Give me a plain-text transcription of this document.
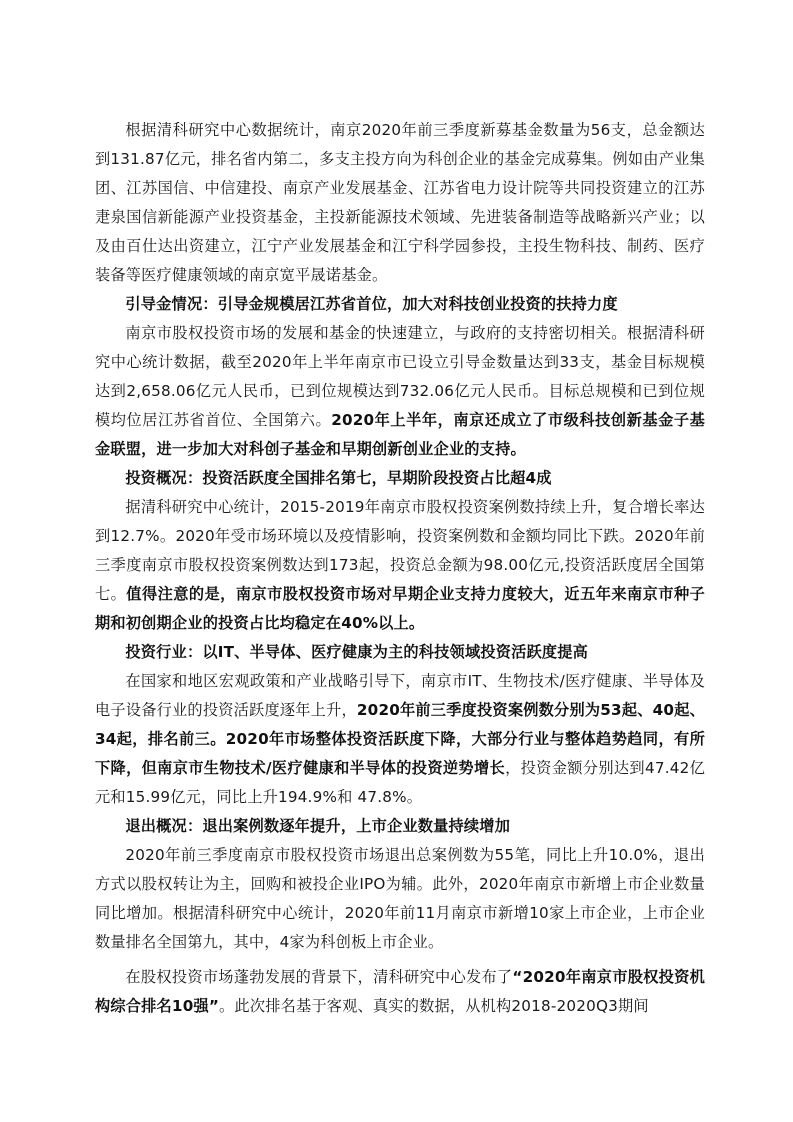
根据清科研究中心数据统计，南京2020年前三季度新募基金数量为56支，总金额达到131.87亿元，排名省内第二，多支主投方向为科创企业的基金完成募集。例如由产业集团、江苏国信、中信建投、南京产业发展基金、江苏省电力设计院等共同投资建立的江苏疌泉国信新能源产业投资基金，主投新能源技术领域、先进装备制造等战略新兴产业；以及由百仕达出资建立，江宁产业发展基金和江宁科学园参投，主投生物科技、制药、医疗装备等医疗健康领域的南京宽平晟诺基金。

引导金情况：引导金规模居江苏省首位，加大对科技创业投资的扶持力度

南京市股权投资市场的发展和基金的快速建立，与政府的支持密切相关。根据清科研究中心统计数据，截至2020年上半年南京市已设立引导金数量达到33支，基金目标规模达到2,658.06亿元人民币，已到位规模达到732.06亿元人民币。目标总规模和已到位规模均位居江苏省首位、全国第六。2020年上半年，南京还成立了市级科技创新基金子基金联盟，进一步加大对科创子基金和早期创新创业企业的支持。

投资概况：投资活跃度全国排名第七，早期阶段投资占比超4成

据清科研究中心统计，2015-2019年南京市股权投资案例数持续上升，复合增长率达到12.7%。2020年受市场环境以及疫情影响，投资案例数和金额均同比下跌。2020年前三季度南京市股权投资案例数达到173起，投资总金额为98.00亿元,投资活跃度居全国第七。值得注意的是，南京市股权投资市场对早期企业支持力度较大，近五年来南京市种子期和初创期企业的投资占比均稳定在40%以上。

投资行业：以IT、半导体、医疗健康为主的科技领域投资活跃度提高

在国家和地区宏观政策和产业战略引导下，南京市IT、生物技术/医疗健康、半导体及电子设备行业的投资活跃度逐年上升，2020年前三季度投资案例数分别为53起、40起、34起，排名前三。2020年市场整体投资活跃度下降，大部分行业与整体趋势趋同，有所下降，但南京市生物技术/医疗健康和半导体的投资逆势增长，投资金额分别达到47.42亿元和15.99亿元，同比上升194.9%和 47.8%。

退出概况：退出案例数逐年提升，上市企业数量持续增加

2020年前三季度南京市股权投资市场退出总案例数为55笔，同比上升10.0%，退出方式以股权转让为主，回购和被投企业IPO为辅。此外，2020年南京市新增上市企业数量同比增加。根据清科研究中心统计，2020年前11月南京市新增10家上市企业，上市企业数量排名全国第九，其中，4家为科创板上市企业。

在股权投资市场蓬勃发展的背景下，清科研究中心发布了“2020年南京市股权投资机构综合排名10强”。此次排名基于客观、真实的数据，从机构2018-2020Q3期间
